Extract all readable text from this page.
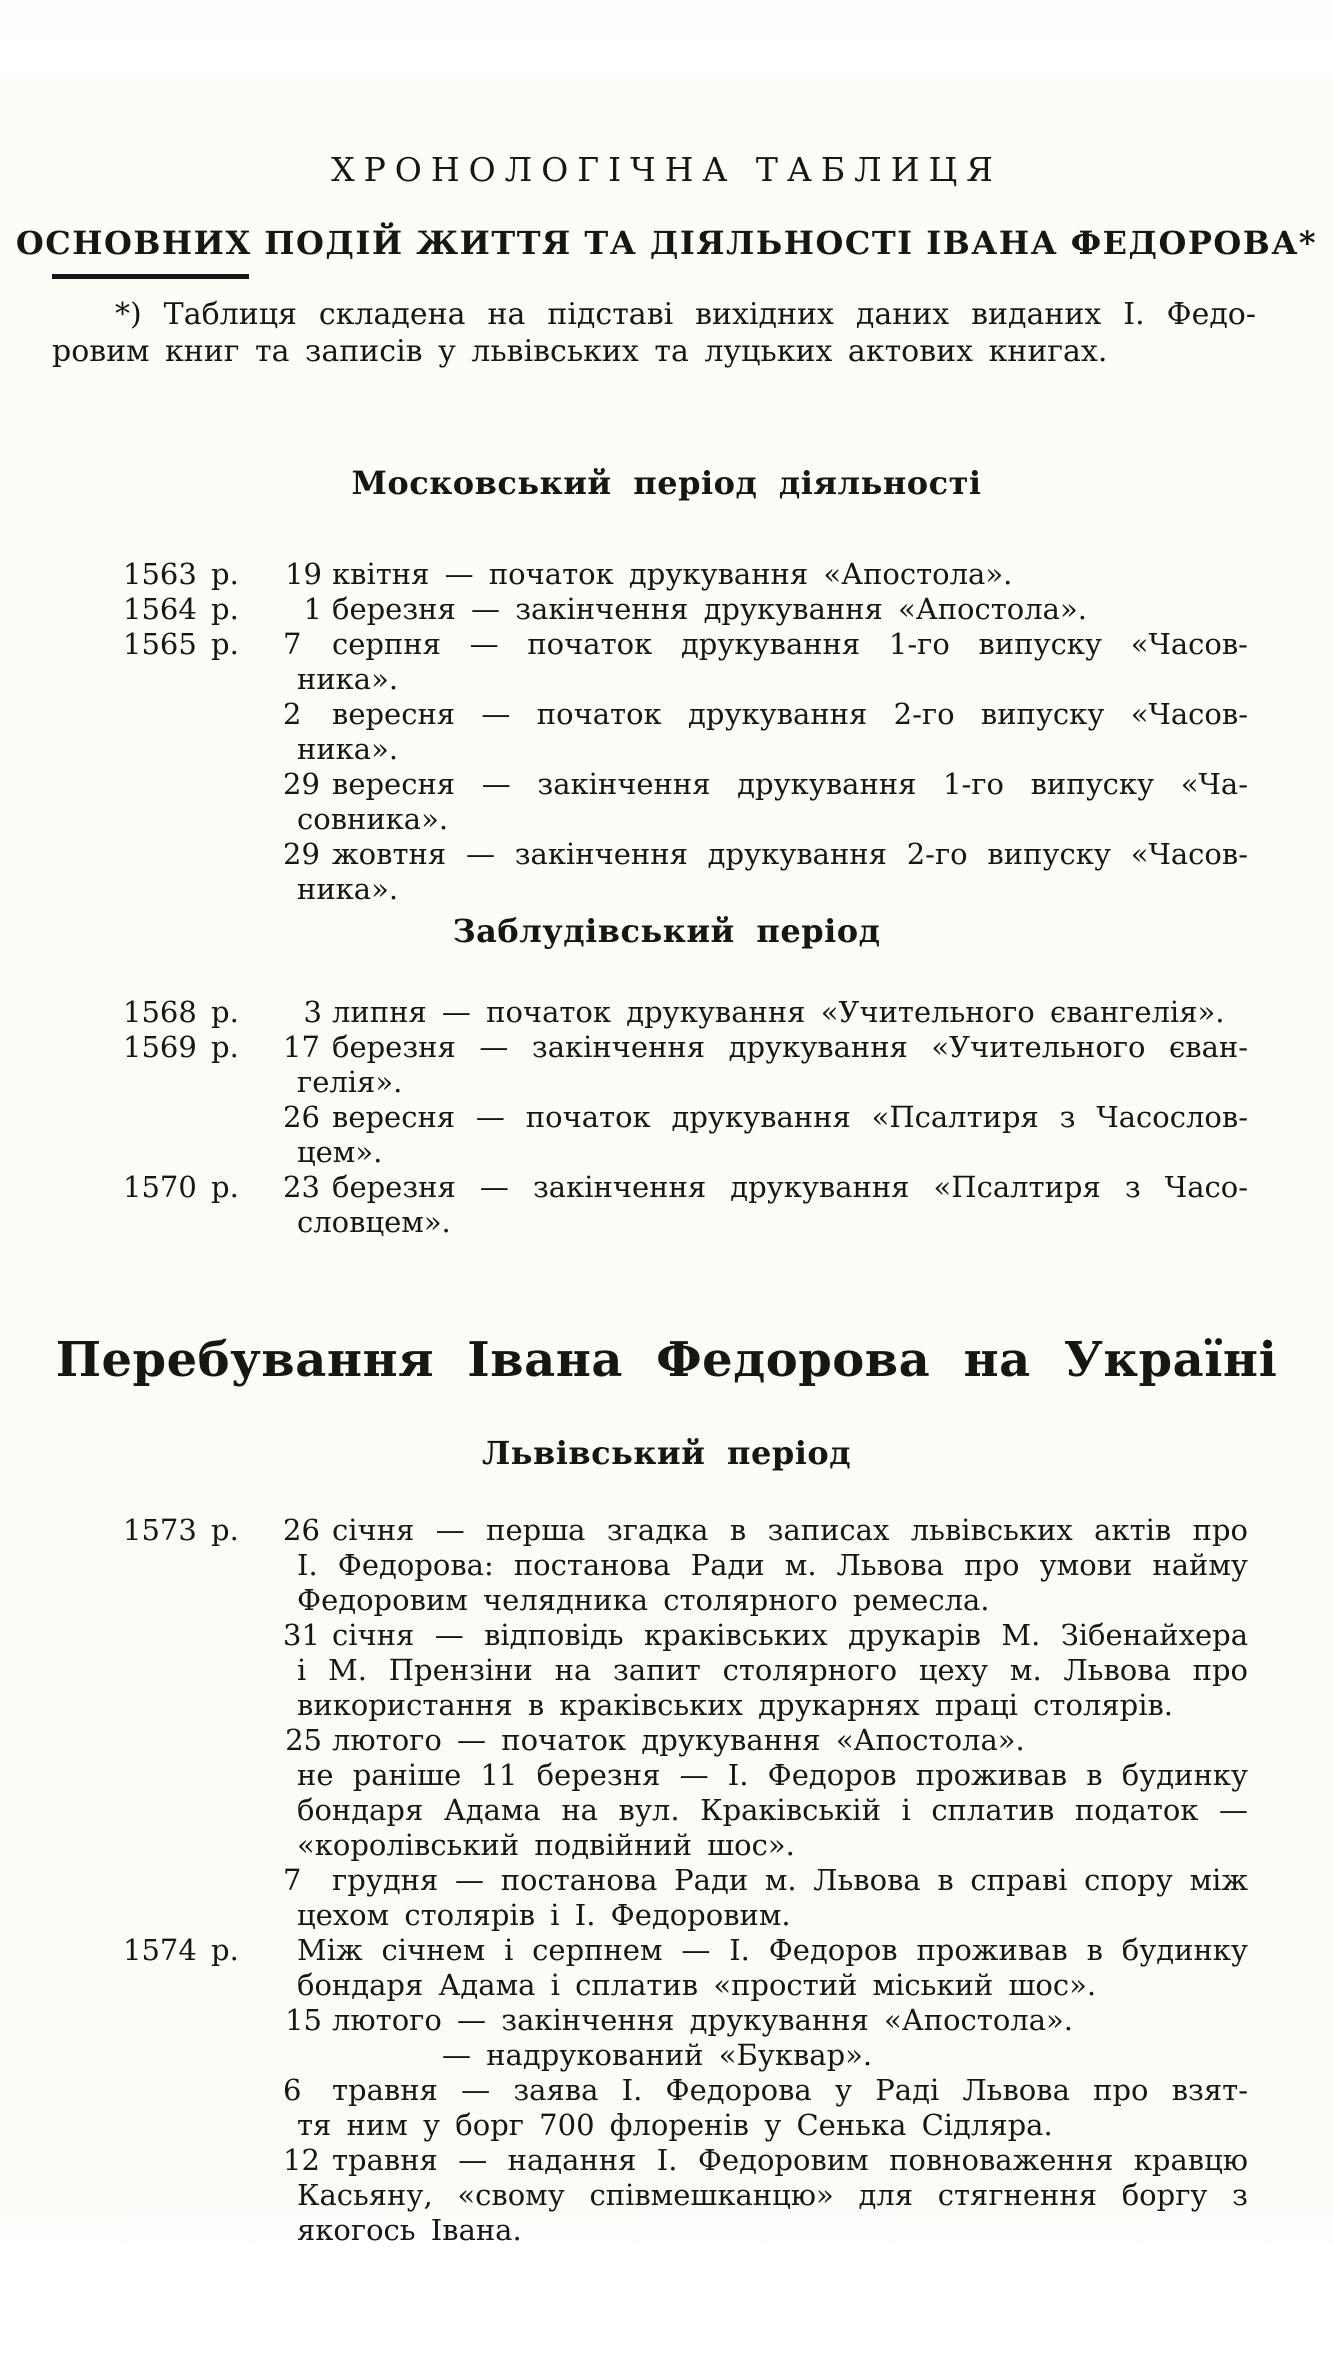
ХРОНОЛОГІЧНА ТАБЛИЦЯ
ОСНОВНИХ ПОДІЙ ЖИТТЯ ТА ДІЯЛЬНОСТІ ІВАНА ФЕДОРОВА*
*) Таблиця складена на підставі вихідних даних виданих І. Федо-
ровим книг та записів у львівських та луцьких актових книгах.
Московський період діяльності
1563 р. 19 квітня — початок друкування «Апостола».
1564 р. 1 березня — закінчення друкування «Апостола».
1565 р. 7 серпня — початок друкування 1-го випуску «Часов-
ника».
2 вересня — початок друкування 2-го випуску «Часов-
ника».
29 вересня — закінчення друкування 1-го випуску «Ча-
совника».
29 жовтня — закінчення друкування 2-го випуску «Часов-
ника».
Заблудівський період
1568 р. 3 липня — початок друкування «Учительного євангелія».
1569 р. 17 березня — закінчення друкування «Учительного єван-
гелія».
26 вересня — початок друкування «Псалтиря з Часослов-
цем».
1570 р. 23 березня — закінчення друкування «Псалтиря з Часо-
словцем».
Перебування Івана Федорова на Україні
Львівський період
1573 р. 26 січня — перша згадка в записах львівських актів про
І. Федорова: постанова Ради м. Львова про умови найму
Федоровим челядника столярного ремесла.
31 січня — відповідь краківських друкарів М. Зібенайхера
і М. Прензіни на запит столярного цеху м. Львова про
використання в краківських друкарнях праці столярів.
25 лютого — початок друкування «Апостола».
не раніше 11 березня — І. Федоров проживав в будинку
бондаря Адама на вул. Краківській і сплатив податок —
«королівський подвійний шос».
7 грудня — постанова Ради м. Львова в справі спору між
цехом столярів і І. Федоровим.
1574 р. Між січнем і серпнем — І. Федоров проживав в будинку
бондаря Адама і сплатив «простий міський шос».
15 лютого — закінчення друкування «Апостола».
— надрукований «Буквар».
6 травня — заява І. Федорова у Раді Львова про взят-
тя ним у борг 700 флоренів у Сенька Сідляра.
12 травня — надання І. Федоровим повноваження кравцю
Касьяну, «свому співмешканцю» для стягнення боргу з
якогось Івана.
